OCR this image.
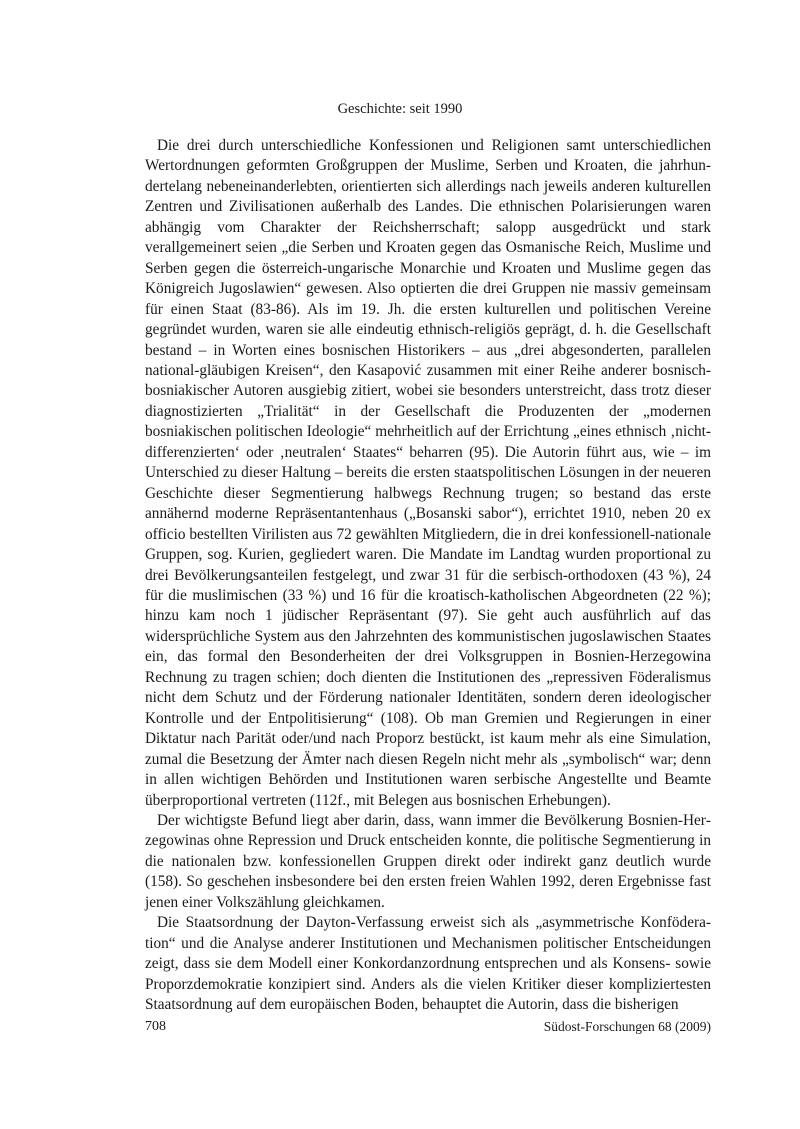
Geschichte: seit 1990

Die drei durch unterschiedliche Konfessionen und Religionen samt unterschiedlichen Wertordnungen geformten Großgruppen der Muslime, Serben und Kroaten, die jahrhundertelang nebeneinanderlebten, orientierten sich allerdings nach jeweils anderen kulturellen Zentren und Zivilisationen außerhalb des Landes. Die ethnischen Polarisierungen waren abhängig vom Charakter der Reichsherrschaft; salopp ausgedrückt und stark verallgemeinert seien „die Serben und Kroaten gegen das Osmanische Reich, Muslime und Serben gegen die österreich-ungarische Monarchie und Kroaten und Muslime gegen das Königreich Jugoslawien“ gewesen. Also optierten die drei Gruppen nie massiv gemeinsam für einen Staat (83-86). Als im 19. Jh. die ersten kulturellen und politischen Vereine gegründet wurden, waren sie alle eindeutig ethnisch-religiös geprägt, d. h. die Gesellschaft bestand – in Worten eines bosnischen Historikers – aus „drei abgesonderten, parallelen national-gläubigen Kreisen“, den Kasapović zusammen mit einer Reihe anderer bosnisch-bosniakischer Autoren ausgiebig zitiert, wobei sie besonders unterstreicht, dass trotz dieser diagnostizierten „Trialität“ in der Gesellschaft die Produzenten der „modernen bosniakischen politischen Ideologie“ mehrheitlich auf der Errichtung „eines ethnisch ‚nicht-differenzierten‘ oder ‚neutralen‘ Staates“ beharren (95). Die Autorin führt aus, wie – im Unterschied zu dieser Haltung – bereits die ersten staatspolitischen Lösungen in der neueren Geschichte dieser Segmentierung halbwegs Rechnung trugen; so bestand das erste annähernd moderne Repräsentantenhaus („Bosanski sabor“), errichtet 1910, neben 20 ex officio bestellten Virilisten aus 72 gewählten Mitgliedern, die in drei konfessionell-nationale Gruppen, sog. Kurien, gegliedert waren. Die Mandate im Landtag wurden proportional zu drei Bevölkerungsanteilen festgelegt, und zwar 31 für die serbisch-orthodoxen (43 %), 24 für die muslimischen (33 %) und 16 für die kroatisch-katholischen Abgeordneten (22 %); hinzu kam noch 1 jüdischer Repräsentant (97). Sie geht auch ausführlich auf das widersprüchliche System aus den Jahrzehnten des kommunistischen jugoslawischen Staates ein, das formal den Besonderheiten der drei Volksgruppen in Bosnien-Herzegowina Rechnung zu tragen schien; doch dienten die Institutionen des „repressiven Föderalismus nicht dem Schutz und der Förderung nationaler Identitäten, sondern deren ideologischer Kontrolle und der Entpolitisierung“ (108). Ob man Gremien und Regierungen in einer Diktatur nach Parität oder/und nach Proporz bestückt, ist kaum mehr als eine Simulation, zumal die Besetzung der Ämter nach diesen Regeln nicht mehr als „symbolisch“ war; denn in allen wichtigen Behörden und Institutionen waren serbische Angestellte und Beamte überproportional vertreten (112f., mit Belegen aus bosnischen Erhebungen).

Der wichtigste Befund liegt aber darin, dass, wann immer die Bevölkerung Bosnien-Herzegowinas ohne Repression und Druck entscheiden konnte, die politische Segmentierung in die nationalen bzw. konfessionellen Gruppen direkt oder indirekt ganz deutlich wurde (158). So geschehen insbesondere bei den ersten freien Wahlen 1992, deren Ergebnisse fast jenen einer Volkszählung gleichkamen.

Die Staatsordnung der Dayton-Verfassung erweist sich als „asymmetrische Konföderation“ und die Analyse anderer Institutionen und Mechanismen politischer Entscheidungen zeigt, dass sie dem Modell einer Konkordanzordnung entsprechen und als Konsens- sowie Proporzdemokratie konzipiert sind. Anders als die vielen Kritiker dieser kompliziertesten Staatsordnung auf dem europäischen Boden, behauptet die Autorin, dass die bisherigen

708	Südost-Forschungen 68 (2009)
